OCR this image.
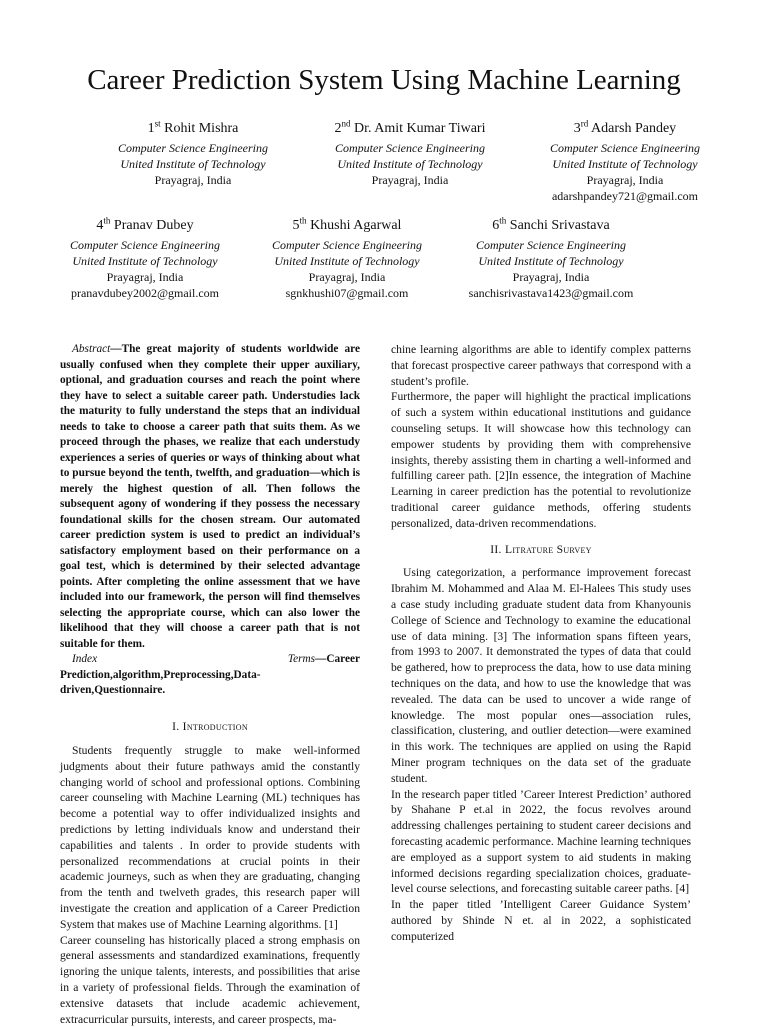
Career Prediction System Using Machine Learning
1st Rohit Mishra
Computer Science Engineering
United Institute of Technology
Prayagraj, India
2nd Dr. Amit Kumar Tiwari
Computer Science Engineering
United Institute of Technology
Prayagraj, India
3rd Adarsh Pandey
Computer Science Engineering
United Institute of Technology
Prayagraj, India
adarshpandey721@gmail.com
4th Pranav Dubey
Computer Science Engineering
United Institute of Technology
Prayagraj, India
pranavdubey2002@gmail.com
5th Khushi Agarwal
Computer Science Engineering
United Institute of Technology
Prayagraj, India
sgnkhushi07@gmail.com
6th Sanchi Srivastava
Computer Science Engineering
United Institute of Technology
Prayagraj, India
sanchisrivastava1423@gmail.com

Abstract—The great majority of students worldwide are usually confused when they complete their upper auxiliary, optional, and graduation courses and reach the point where they have to select a suitable career path. Understudies lack the maturity to fully understand the steps that an individual needs to take to choose a career path that suits them. As we proceed through the phases, we realize that each understudy experiences a series of queries or ways of thinking about what to pursue beyond the tenth, twelfth, and graduation—which is merely the highest question of all. Then follows the subsequent agony of wondering if they possess the necessary foundational skills for the chosen stream. Our automated career prediction system is used to predict an individual’s satisfactory employment based on their performance on a goal test, which is determined by their selected advantage points. After completing the online assessment that we have included into our framework, the person will find themselves selecting the appropriate course, which can also lower the likelihood that they will choose a career path that is not suitable for them.

Index Terms—Career Prediction,algorithm,Preprocessing,Data-driven,Questionnaire.

I. Introduction

Students frequently struggle to make well-informed judgments about their future pathways amid the constantly changing world of school and professional options. Combining career counseling with Machine Learning (ML) techniques has become a potential way to offer individualized insights and predictions by letting individuals know and understand their capabilities and talents . In order to provide students with personalized recommendations at crucial points in their academic journeys, such as when they are graduating, changing from the tenth and twelveth grades, this research paper will investigate the creation and application of a Career Prediction System that makes use of Machine Learning algorithms. [1]

Career counseling has historically placed a strong emphasis on general assessments and standardized examinations, frequently ignoring the unique talents, interests, and possibilities that arise in a variety of professional fields. Through the examination of extensive datasets that include academic achievement, extracurricular pursuits, interests, and career prospects, ma-

chine learning algorithms are able to identify complex patterns that forecast prospective career pathways that correspond with a student’s profile.

Furthermore, the paper will highlight the practical implications of such a system within educational institutions and guidance counseling setups. It will showcase how this technology can empower students by providing them with comprehensive insights, thereby assisting them in charting a well-informed and fulfilling career path. [2]In essence, the integration of Machine Learning in career prediction has the potential to revolutionize traditional career guidance methods, offering students personalized, data-driven recommendations.

II. Litrature Survey

Using categorization, a performance improvement forecast Ibrahim M. Mohammed and Alaa M. El-Halees This study uses a case study including graduate student data from Khanyounis College of Science and Technology to examine the educational use of data mining. [3] The information spans fifteen years, from 1993 to 2007. It demonstrated the types of data that could be gathered, how to preprocess the data, how to use data mining techniques on the data, and how to use the knowledge that was revealed. The data can be used to uncover a wide range of knowledge. The most popular ones—association rules, classification, clustering, and outlier detection—were examined in this work. The techniques are applied on using the Rapid Miner program techniques on the data set of the graduate student.

In the research paper titled ’Career Interest Prediction’ authored by Shahane P et.al in 2022, the focus revolves around addressing challenges pertaining to student career decisions and forecasting academic performance. Machine learning techniques are employed as a support system to aid students in making informed decisions regarding specialization choices, graduate-level course selections, and forecasting suitable career paths. [4]

In the paper titled ’Intelligent Career Guidance System’ authored by Shinde N et. al in 2022, a sophisticated computerized
